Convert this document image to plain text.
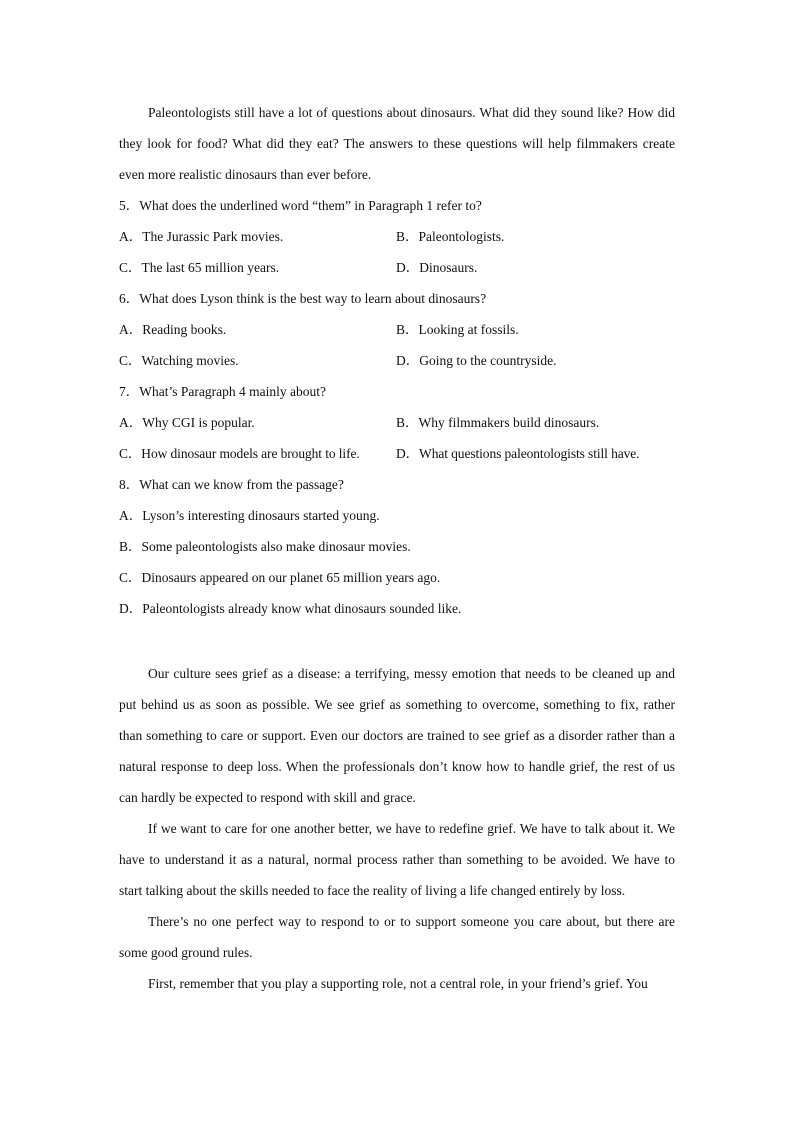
Paleontologists still have a lot of questions about dinosaurs. What did they sound like? How did they look for food? What did they eat? The answers to these questions will help filmmakers create even more realistic dinosaurs than ever before.

5．What does the underlined word “them” in Paragraph 1 refer to?
A．The Jurassic Park movies.	B．Paleontologists.
C．The last 65 million years.	D．Dinosaurs.
6．What does Lyson think is the best way to learn about dinosaurs?
A．Reading books.	B．Looking at fossils.
C．Watching movies.	D．Going to the countryside.
7．What’s Paragraph 4 mainly about?
A．Why CGI is popular.	B．Why filmmakers build dinosaurs.
C．How dinosaur models are brought to life.	D．What questions paleontologists still have.
8．What can we know from the passage?
A．Lyson’s interesting dinosaurs started young.
B．Some paleontologists also make dinosaur movies.
C．Dinosaurs appeared on our planet 65 million years ago.
D．Paleontologists already know what dinosaurs sounded like.

Our culture sees grief as a disease: a terrifying, messy emotion that needs to be cleaned up and put behind us as soon as possible. We see grief as something to overcome, something to fix, rather than something to care or support. Even our doctors are trained to see grief as a disorder rather than a natural response to deep loss. When the professionals don’t know how to handle grief, the rest of us can hardly be expected to respond with skill and grace.

If we want to care for one another better, we have to redefine grief. We have to talk about it. We have to understand it as a natural, normal process rather than something to be avoided. We have to start talking about the skills needed to face the reality of living a life changed entirely by loss.

There’s no one perfect way to respond to or to support someone you care about, but there are some good ground rules.

First, remember that you play a supporting role, not a central role, in your friend’s grief. You
